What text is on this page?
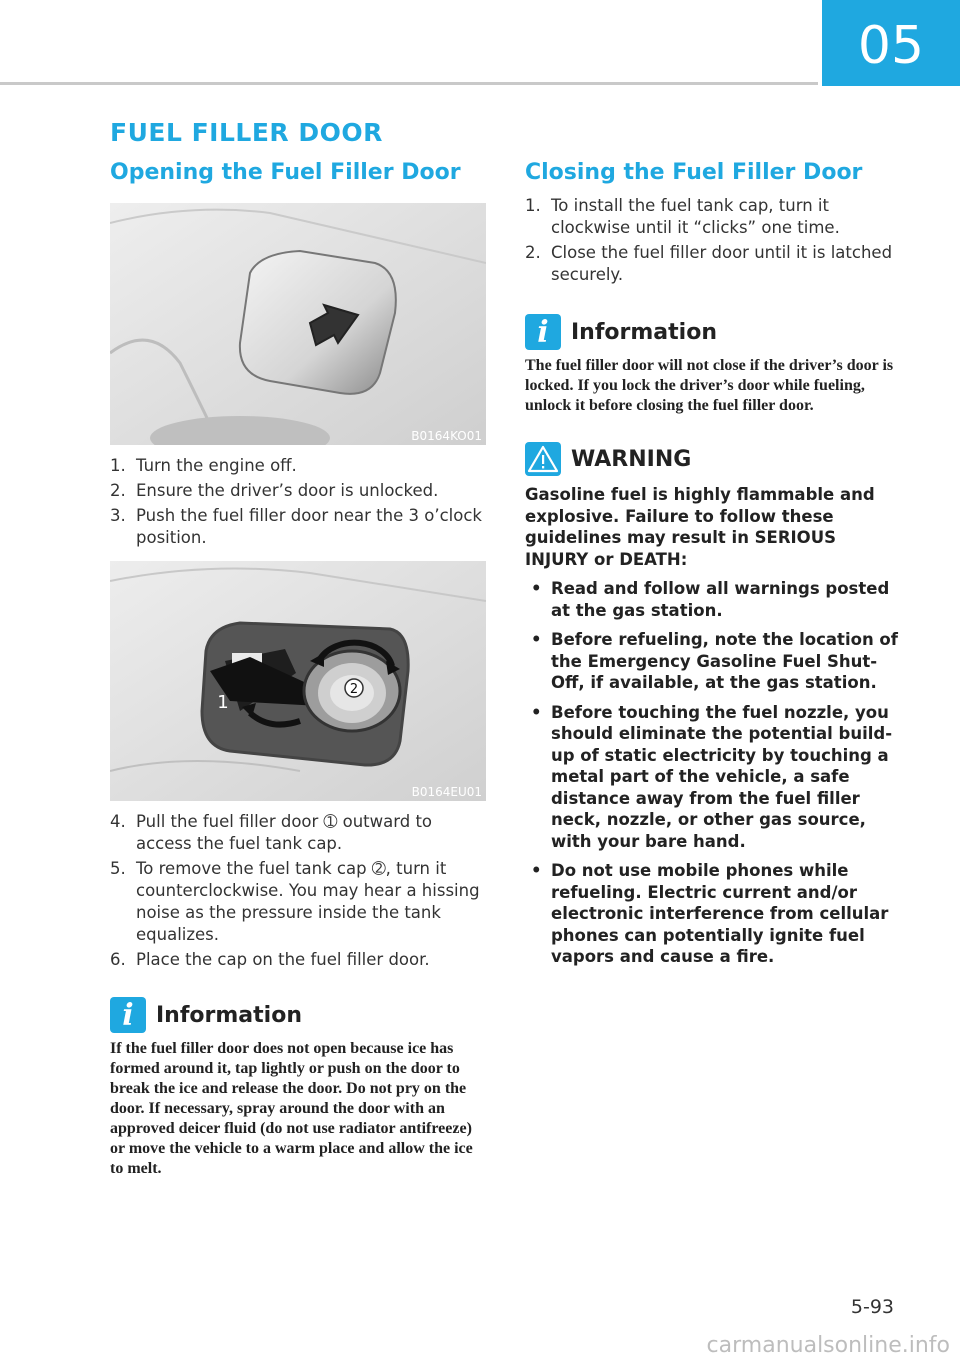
05
FUEL FILLER DOOR
Opening the Fuel Filler Door
B0164KO01
1. Turn the engine off.
2. Ensure the driver’s door is unlocked.
3. Push the fuel filler door near the 3 o’clock position.
2
1
B0164EU01
4. Pull the fuel filler door ➀ outward to access the fuel tank cap.
5. To remove the fuel tank cap ➁, turn it counterclockwise. You may hear a hissing noise as the pressure inside the tank equalizes.
6. Place the cap on the fuel filler door.
i	Information
If the fuel filler door does not open because ice has formed around it, tap lightly or push on the door to break the ice and release the door. Do not pry on the door. If necessary, spray around the door with an approved deicer fluid (do not use radiator antifreeze) or move the vehicle to a warm place and allow the ice to melt.
Closing the Fuel Filler Door
1. To install the fuel tank cap, turn it clockwise until it “clicks” one time.
2. Close the fuel filler door until it is latched securely.
i	Information
The fuel filler door will not close if the driver’s door is locked. If you lock the driver’s door while fueling, unlock it before closing the fuel filler door.
WARNING
Gasoline fuel is highly flammable and explosive. Failure to follow these guidelines may result in SERIOUS INJURY or DEATH:
• Read and follow all warnings posted at the gas station.
• Before refueling, note the location of the Emergency Gasoline Fuel Shut-Off, if available, at the gas station.
• Before touching the fuel nozzle, you should eliminate the potential build-up of static electricity by touching a metal part of the vehicle, a safe distance away from the fuel filler neck, nozzle, or other gas source, with your bare hand.
• Do not use mobile phones while refueling. Electric current and/or electronic interference from cellular phones can potentially ignite fuel vapors and cause a fire.
5-93
carmanualsonline.info
